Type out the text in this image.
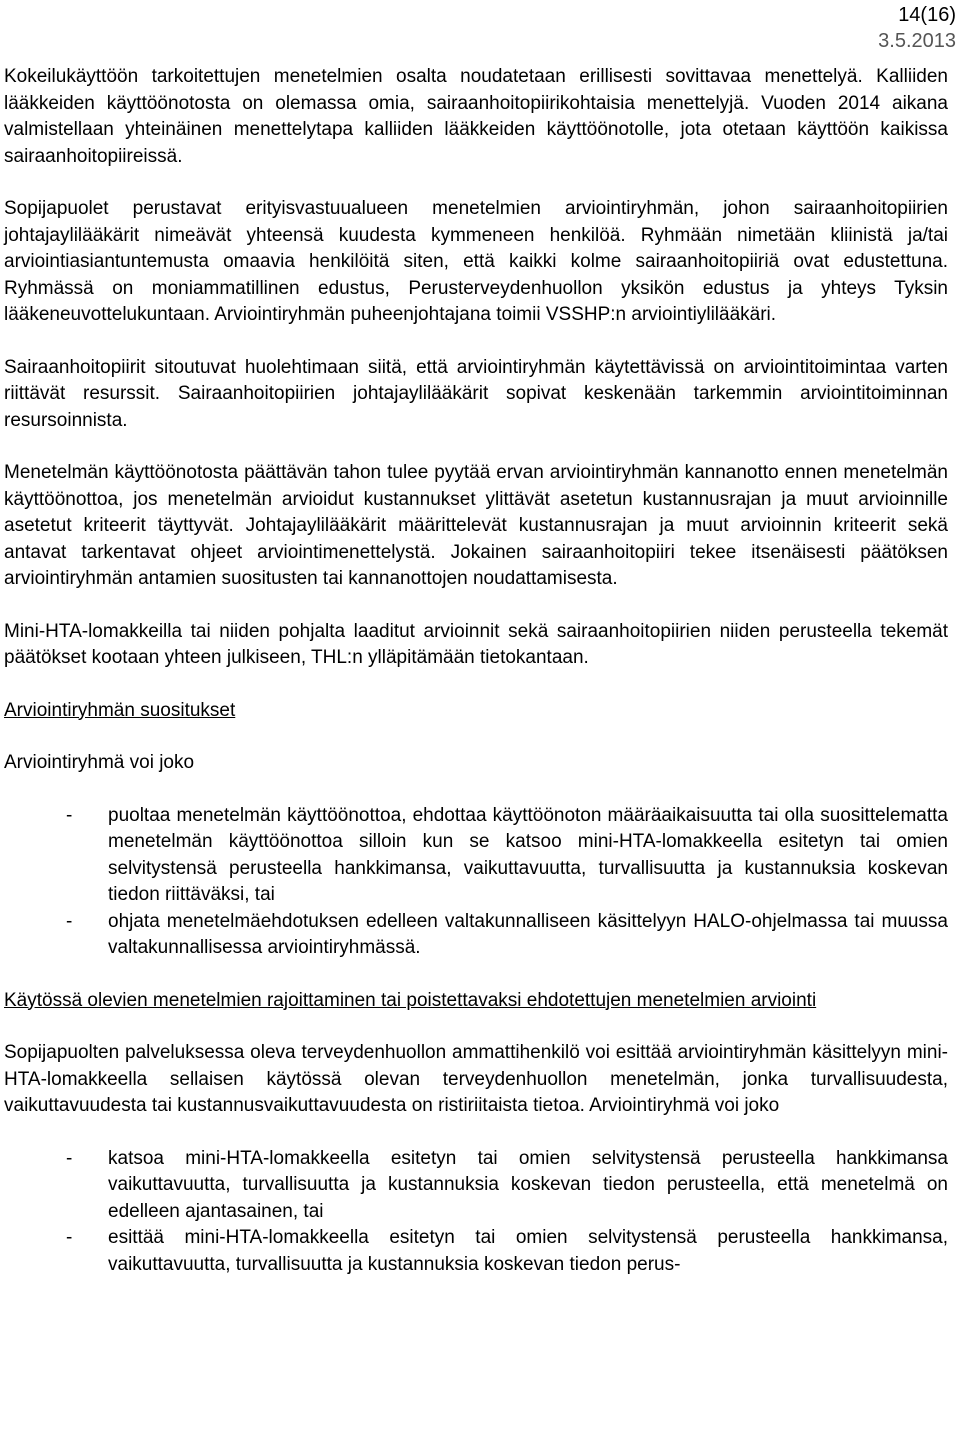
14(16)
3.5.2013

Kokeilukäyttöön tarkoitettujen menetelmien osalta noudatetaan erillisesti sovittavaa menettelyä. Kalliiden lääkkeiden käyttöönotosta on olemassa omia, sairaanhoitopiirikohtaisia menettelyjä. Vuoden 2014 aikana valmistellaan yhteinäinen menettelytapa kalliiden lääkkeiden käyttöönotolle, jota otetaan käyttöön kaikissa sairaanhoitopiireissä.

Sopijapuolet perustavat erityisvastuualueen menetelmien arviointiryhmän, johon sairaanhoitopiirien johtajaylilääkärit nimeävät yhteensä kuudesta kymmeneen henkilöä. Ryhmään nimetään kliinistä ja/tai arviointiasiantuntemusta omaavia henkilöitä siten, että kaikki kolme sairaanhoitopiiriä ovat edustettuna. Ryhmässä on moniammatillinen edustus, Perusterveydenhuollon yksikön edustus ja yhteys Tyksin lääkeneuvottelukuntaan. Arviointiryhmän puheenjohtajana toimii VSSHP:n arviointiylilääkäri.

Sairaanhoitopiirit sitoutuvat huolehtimaan siitä, että arviointiryhmän käytettävissä on arviointitoimintaa varten riittävät resurssit. Sairaanhoitopiirien johtajaylilääkärit sopivat keskenään tarkemmin arviointitoiminnan resursoinnista.

Menetelmän käyttöönotosta päättävän tahon tulee pyytää ervan arviointiryhmän kannanotto ennen menetelmän käyttöönottoa, jos menetelmän arvioidut kustannukset ylittävät asetetun kustannusrajan ja muut arvioinnille asetetut kriteerit täyttyvät. Johtajaylilääkärit määrittelevät kustannusrajan ja muut arvioinnin kriteerit sekä antavat tarkentavat ohjeet arviointimenettelystä. Jokainen sairaanhoitopiiri tekee itsenäisesti päätöksen arviointiryhmän antamien suositusten tai kannanottojen noudattamisesta.

Mini-HTA-lomakkeilla tai niiden pohjalta laaditut arvioinnit sekä sairaanhoitopiirien niiden perusteella tekemät päätökset kootaan yhteen julkiseen, THL:n ylläpitämään tietokantaan.

Arviointiryhmän suositukset

Arviointiryhmä voi joko

- puoltaa menetelmän käyttöönottoa, ehdottaa käyttöönoton määräaikaisuutta tai olla suosittelematta menetelmän käyttöönottoa silloin kun se katsoo mini-HTA-lomakkeella esitetyn tai omien selvitystensä perusteella hankkimansa, vaikuttavuutta, turvallisuutta ja kustannuksia koskevan tiedon riittäväksi, tai
- ohjata menetelmäehdotuksen edelleen valtakunnalliseen käsittelyyn HALO-ohjelmassa tai muussa valtakunnallisessa arviointiryhmässä.

Käytössä olevien menetelmien rajoittaminen tai poistettavaksi ehdotettujen menetelmien arviointi

Sopijapuolten palveluksessa oleva terveydenhuollon ammattihenkilö voi esittää arviointiryhmän käsittelyyn mini-HTA-lomakkeella sellaisen käytössä olevan terveydenhuollon menetelmän, jonka turvallisuudesta, vaikuttavuudesta tai kustannusvaikuttavuudesta on ristiriitaista tietoa. Arviointiryhmä voi joko

- katsoa mini-HTA-lomakkeella esitetyn tai omien selvitystensä perusteella hankkimansa vaikuttavuutta, turvallisuutta ja kustannuksia koskevan tiedon perusteella, että menetelmä on edelleen ajantasainen, tai
- esittää mini-HTA-lomakkeella esitetyn tai omien selvitystensä perusteella hankkimansa, vaikuttavuutta, turvallisuutta ja kustannuksia koskevan tiedon perus-
